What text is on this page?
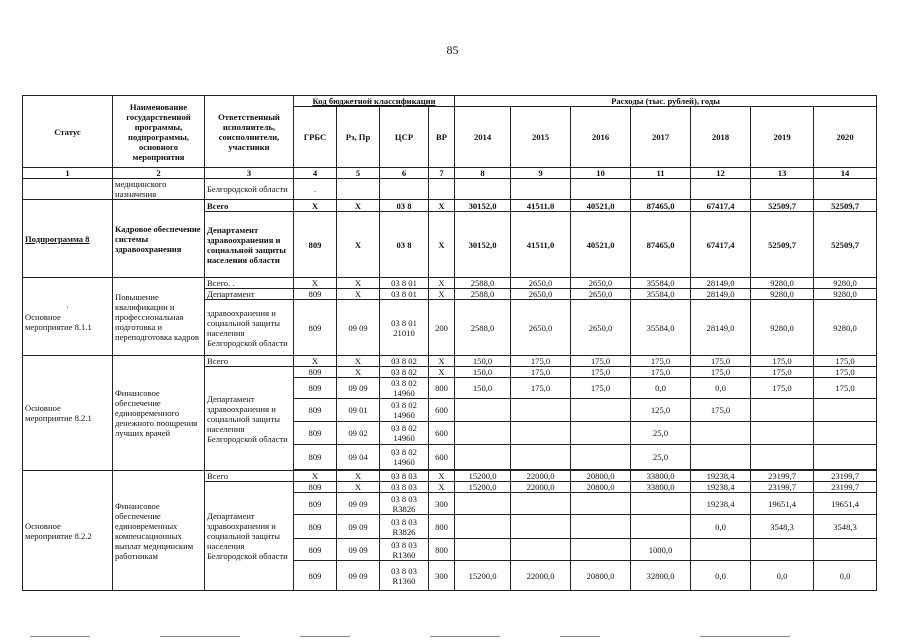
85
Статус	Наименование государственной программы, подпрограммы, основного мероприятия	Ответственный исполнитель, соисполнители, участники	Код бюджетной классификации				Расходы (тыс. рублей), годы						
			ГРБС	Рз, Пр	ЦСР	ВР	2014	2015	2016	2017	2018	2019	2020
1	2	3	4	5	6	7	8	9	10	11	12	13	14
	медицинского назначения	Белгородской области	.										
Подпрограмма 8	Кадровое обеспечение системы здравоохранения	Всего	X	X	03 8	X	30152,0	41511,0	40521,0	87465,0	67417,4	52509,7	52509,7
		Департамент здравоохранения и социальной защиты населения области	809	X	03 8	X	30152,0	41511,0	40521,0	87465,0	67417,4	52509,7	52509,7

·
Основное мероприятие 8.1.1	Повышение квалификации и профессиональная подготовка и переподготовка кадров	Всего. .	X	X	03 8 01	X	2588,0	2650,0	2650,0	35584,0	28149,0	9280,0	9280,0
		Департамент	809	X	03 8 01	X	2588,0	2650,0	2650,0	35584,0	28149,0	9280,0	9280,0
		здравоохранения и социальной защиты населения Белгородской области	809	09 09	03 8 01 21010	200	2588,0	2650,0	2650,0	35584,0	28149,0	9280,0	9280,0
Основное мероприятие 8.2.1	Финансовое обеспечение единовременного денежного поощрения лучших врачей	Всего	X	X	03 8 02	X	150,0	175,0	175,0	175,0	175,0	175,0	175,0
		Департамент здравоохранения и социальной защиты населения Белгородской области	809	X	03 8 02	X	150,0	175,0	175,0	175,0	175,0	175,0	175,0
			809	09 09	03 8 02 14960	800	150,0	175,0	175,0	0,0	0,0	175,0	175,0
			809	09 01	03 8 02 14960	600				125,0	175,0		
			809	09 02	03 8 02 14960	600				25,0			
			809	09 04	03 8 02 14960	600				25,0			

Основное мероприятие 8.2.2	Финансовое обеспечение единовременных компенсационных выплат медицинским работникам	Всего	X	X	03 8 03	X	15200,0	22000,0	20800,0	33800,0	19238,4	23199,7	23199,7
		Департамент здравоохранения и социальной защиты населения Белгородской области	809	X	03 8 03	X	15200,0	22000,0	20800,0	33800,0	19238,4	23199,7	23199,7
			809	09 09	03 8 03 R3826	300					19238,4	19651,4	19651,4
			809	09 09	03 8 03 R3826	800					0,0	3548,3	3548,3
			809	09 09	03 8 03 R1360	800				1000,0			
			809	09 09	03 8 03 R1360	300	15200,0	22000,0	20800,0	32800,0	0,0	0,0	0,0
